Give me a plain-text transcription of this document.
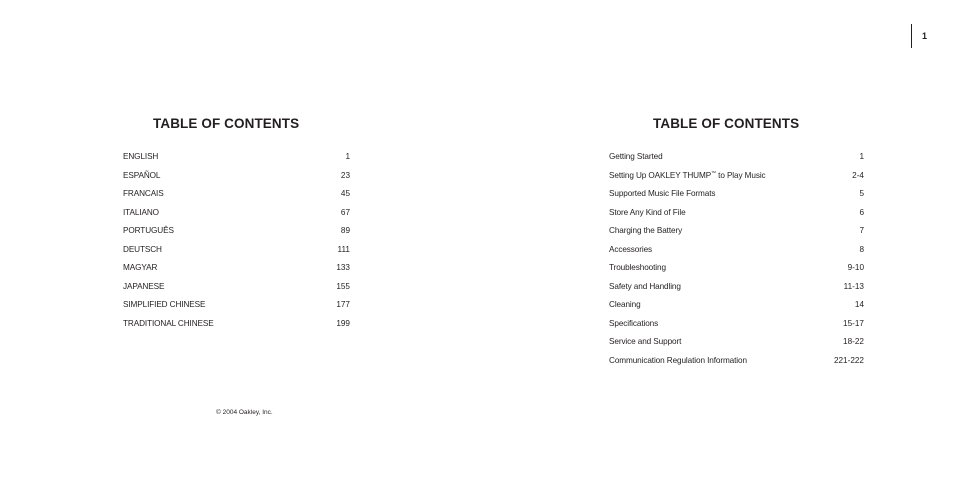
1
TABLE OF CONTENTS
ENGLISH	1
ESPAÑOL	23
FRANCAIS	45
ITALIANO	67
PORTUGUÊS	89
DEUTSCH	111
MAGYAR	133
JAPANESE	155
SIMPLIFIED CHINESE	177
TRADITIONAL CHINESE	199
© 2004 Oakley, Inc.
TABLE OF CONTENTS
Getting Started	1
Setting Up OAKLEY THUMP™ to Play Music	2-4
Supported Music File Formats	5
Store Any Kind of File	6
Charging the Battery	7
Accessories	8
Troubleshooting	9-10
Safety and Handling	11-13
Cleaning	14
Specifications	15-17
Service and Support	18-22
Communication Regulation Information	221-222
